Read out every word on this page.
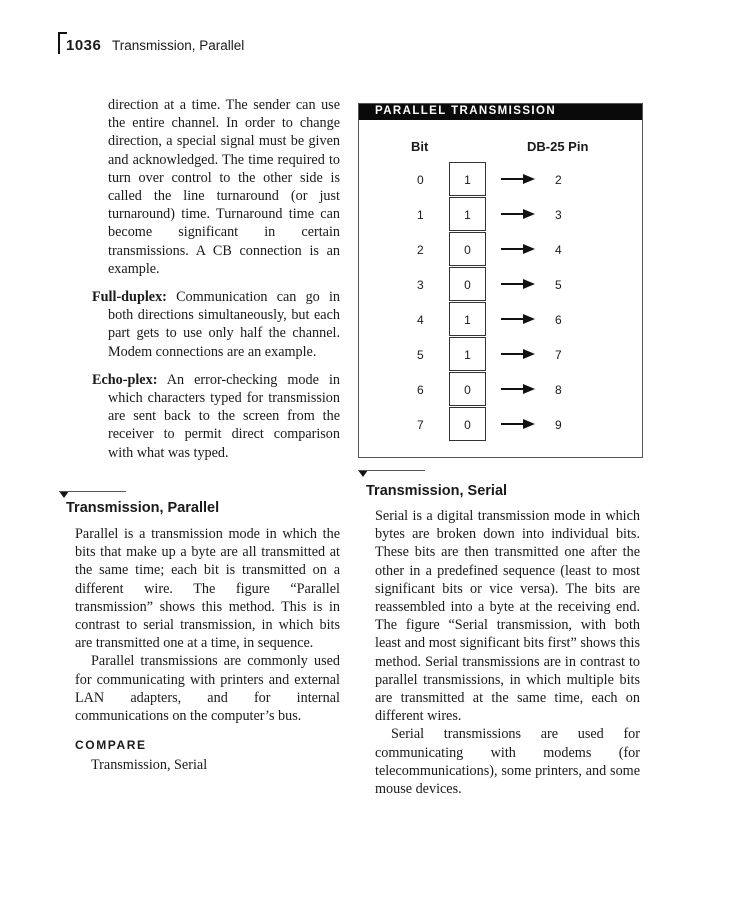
1036 Transmission, Parallel
direction at a time. The sender can use the entire channel. In order to change direction, a special signal must be given and acknowledged. The time required to turn over control to the other side is called the line turnaround (or just turnaround) time. Turnaround time can become significant in certain transmissions. A CB connection is an example.
Full-duplex: Communication can go in both directions simultaneously, but each part gets to use only half the channel. Modem connections are an example.
Echo-plex: An error-checking mode in which characters typed for transmission are sent back to the screen from the receiver to permit direct comparison with what was typed.
PARALLEL TRANSMISSION
Bit	DB-25 Pin
0	1	2
1	1	3
2	0	4
3	0	5
4	1	6
5	1	7
6	0	8
7	0	9
Transmission, Parallel
Parallel is a transmission mode in which the bits that make up a byte are all transmitted at the same time; each bit is transmitted on a different wire. The figure “Parallel transmission” shows this method. This is in contrast to serial transmission, in which bits are transmitted one at a time, in sequence.
Parallel transmissions are commonly used for communicating with printers and external LAN adapters, and for internal communications on the computer’s bus.
COMPARE
Transmission, Serial
Transmission, Serial
Serial is a digital transmission mode in which bytes are broken down into individual bits. These bits are then transmitted one after the other in a predefined sequence (least to most significant bits or vice versa). The bits are reassembled into a byte at the receiving end. The figure “Serial transmission, with both least and most significant bits first” shows this method. Serial transmissions are in contrast to parallel transmissions, in which multiple bits are transmitted at the same time, each on different wires.
Serial transmissions are used for communicating with modems (for telecommunications), some printers, and some mouse devices.
